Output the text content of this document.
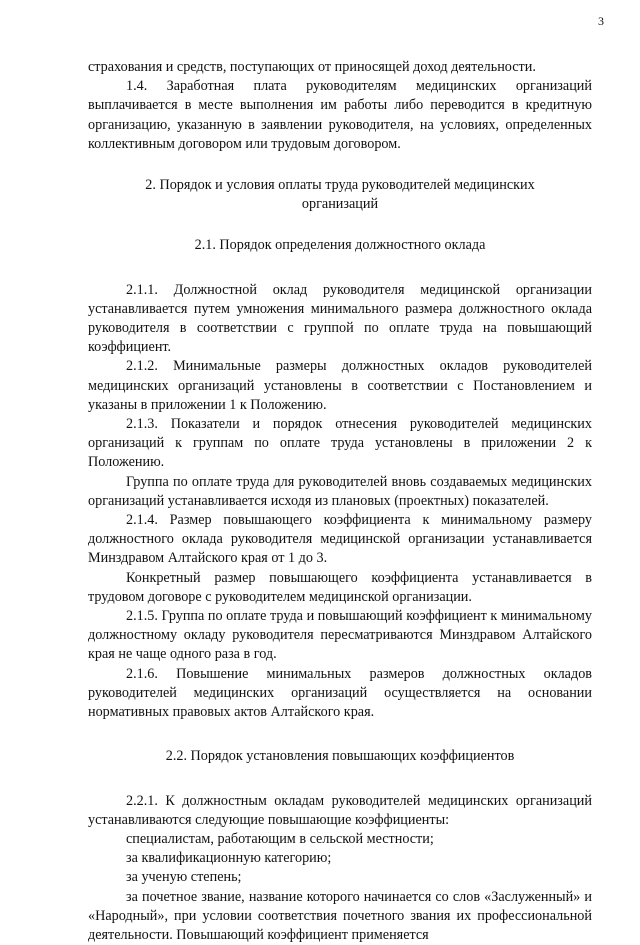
3

страхования и средств, поступающих от приносящей доход деятельности.

1.4. Заработная плата руководителям медицинских организаций выплачивается в месте выполнения им работы либо переводится в кредитную организацию, указанную в заявлении руководителя, на условиях, определенных коллективным договором или трудовым договором.

2. Порядок и условия оплаты труда руководителей медицинских организаций

2.1. Порядок определения должностного оклада

2.1.1. Должностной оклад руководителя медицинской организации устанавливается путем умножения минимального размера должностного оклада руководителя в соответствии с группой по оплате труда на повышающий коэффициент.

2.1.2. Минимальные размеры должностных окладов руководителей медицинских организаций установлены в соответствии с Постановлением и указаны в приложении 1 к Положению.

2.1.3. Показатели и порядок отнесения руководителей медицинских организаций к группам по оплате труда установлены в приложении 2 к Положению.

Группа по оплате труда для руководителей вновь создаваемых медицинских организаций устанавливается исходя из плановых (проектных) показателей.

2.1.4. Размер повышающего коэффициента к минимальному размеру должностного оклада руководителя медицинской организации устанавливается Минздравом Алтайского края от 1 до 3.

Конкретный размер повышающего коэффициента устанавливается в трудовом договоре с руководителем медицинской организации.

2.1.5. Группа по оплате труда и повышающий коэффициент к минимальному должностному окладу руководителя пересматриваются Минздравом Алтайского края не чаще одного раза в год.

2.1.6. Повышение минимальных размеров должностных окладов руководителей медицинских организаций осуществляется на основании нормативных правовых актов Алтайского края.

2.2. Порядок установления повышающих коэффициентов

2.2.1. К должностным окладам руководителей медицинских организаций устанавливаются следующие повышающие коэффициенты:

специалистам, работающим в сельской местности;

за квалификационную категорию;

за ученую степень;

за почетное звание, название которого начинается со слов «Заслуженный» и «Народный», при условии соответствия почетного звания их профессиональной деятельности. Повышающий коэффициент применяется
